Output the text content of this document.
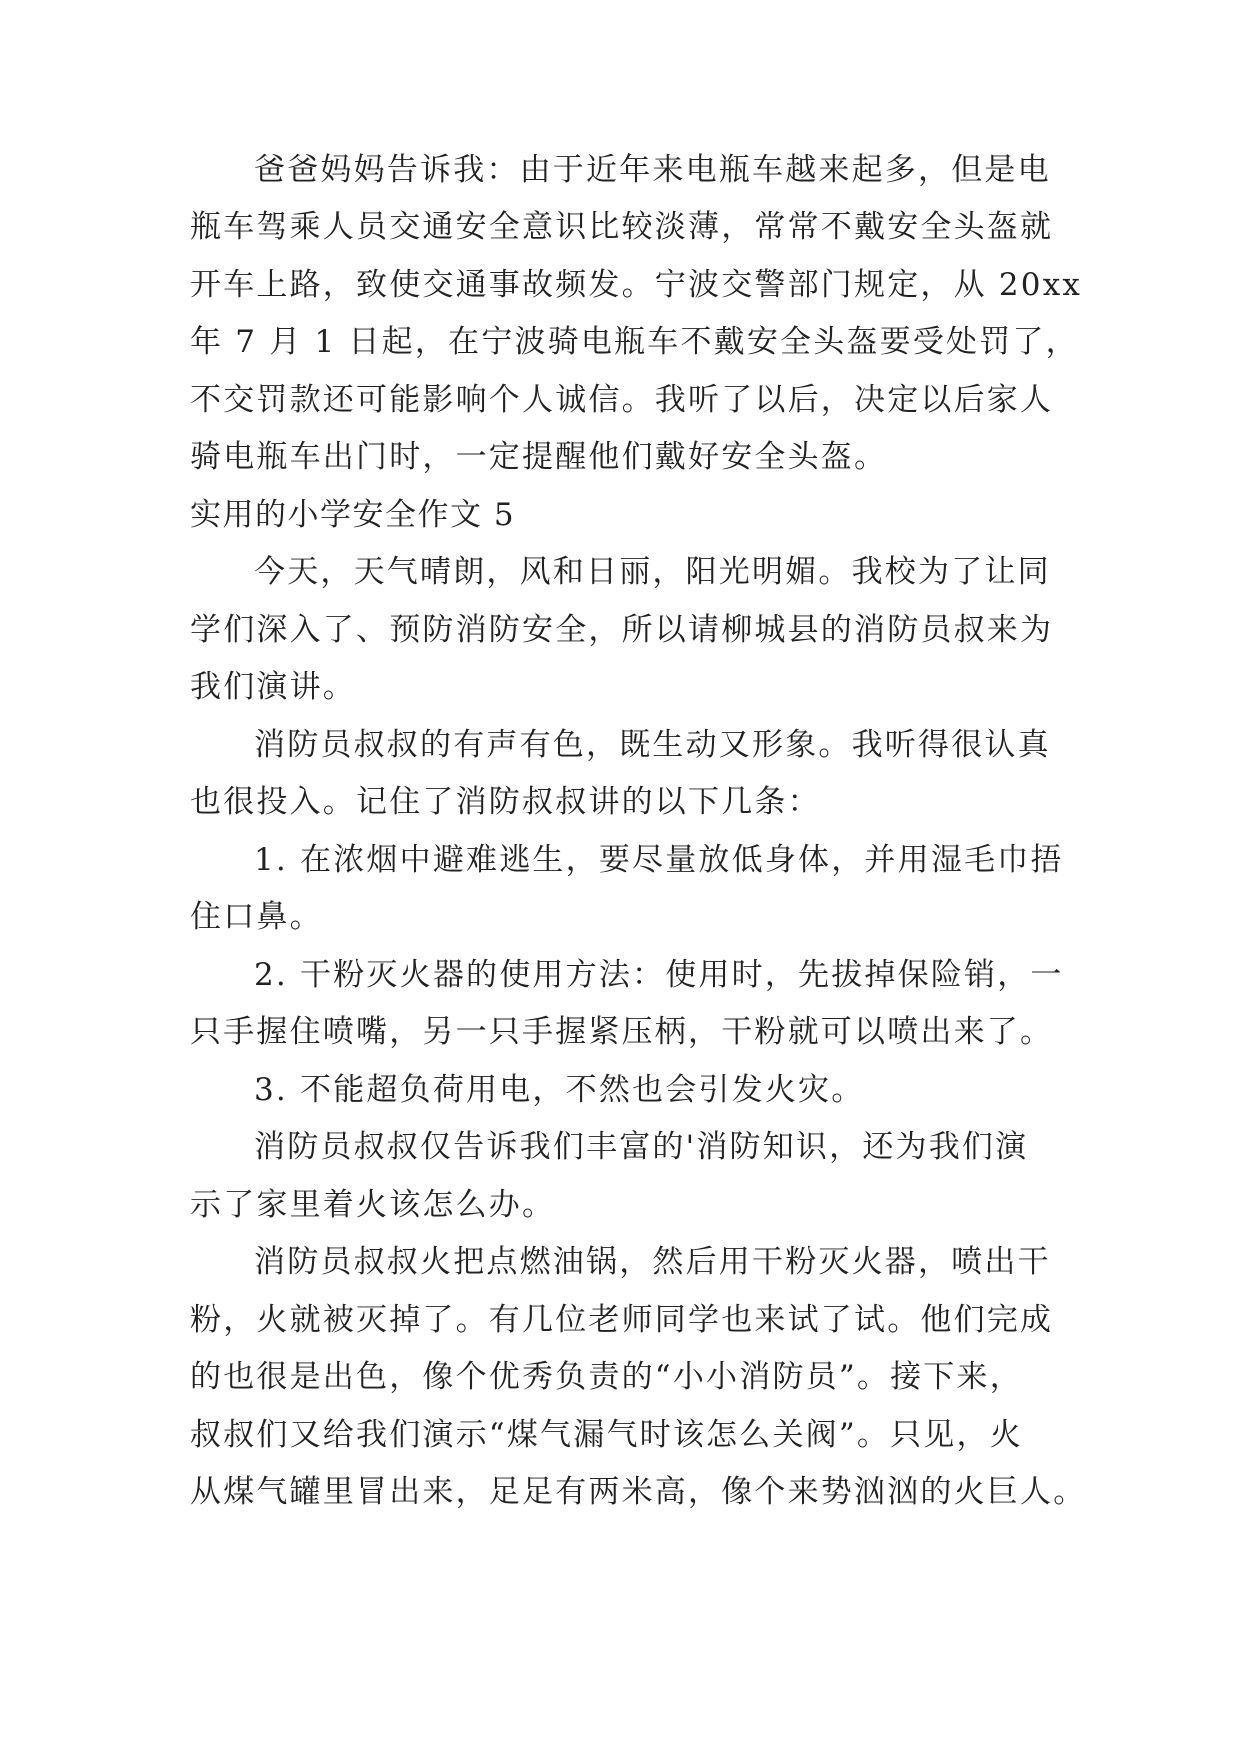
爸爸妈妈告诉我：由于近年来电瓶车越来起多，但是电
瓶车驾乘人员交通安全意识比较淡薄，常常不戴安全头盔就
开车上路，致使交通事故频发。宁波交警部门规定，从 20xx
年 7 月 1 日起，在宁波骑电瓶车不戴安全头盔要受处罚了，
不交罚款还可能影响个人诚信。我听了以后，决定以后家人
骑电瓶车出门时，一定提醒他们戴好安全头盔。
实用的小学安全作文 5
今天，天气晴朗，风和日丽，阳光明媚。我校为了让同
学们深入了、预防消防安全，所以请柳城县的消防员叔来为
我们演讲。
消防员叔叔的有声有色，既生动又形象。我听得很认真
也很投入。记住了消防叔叔讲的以下几条：
1. 在浓烟中避难逃生，要尽量放低身体，并用湿毛巾捂
住口鼻。
2. 干粉灭火器的使用方法：使用时，先拔掉保险销，一
只手握住喷嘴，另一只手握紧压柄，干粉就可以喷出来了。
3. 不能超负荷用电，不然也会引发火灾。
消防员叔叔仅告诉我们丰富的'消防知识，还为我们演
示了家里着火该怎么办。
消防员叔叔火把点燃油锅，然后用干粉灭火器，喷出干
粉，火就被灭掉了。有几位老师同学也来试了试。他们完成
的也很是出色，像个优秀负责的“小小消防员”。接下来，
叔叔们又给我们演示“煤气漏气时该怎么关阀”。只见，火
从煤气罐里冒出来，足足有两米高，像个来势汹汹的火巨人。
